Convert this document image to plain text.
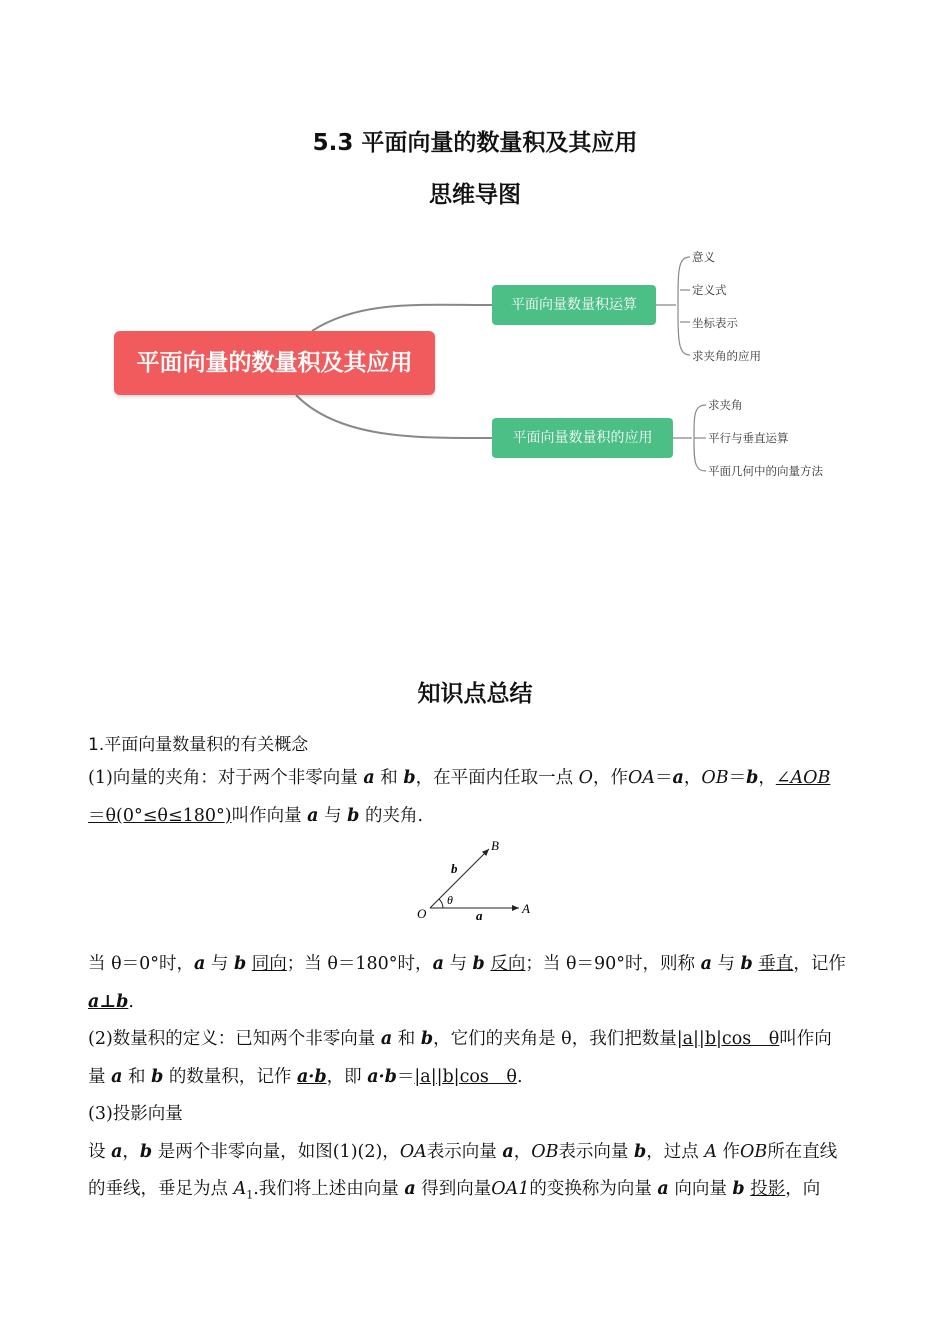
5.3 平面向量的数量积及其应用
思维导图
平面向量的数量积及其应用
平面向量数量积运算
平面向量数量积的应用
意义
定义式
坐标表示
求夹角的应用
求夹角
平行与垂直运算
平面几何中的向量方法
知识点总结
1.平面向量数量积的有关概念
(1)向量的夹角：对于两个非零向量 a 和 b，在平面内任取一点 O，作OA＝a，OB＝b，∠AOB
＝θ(0°≤θ≤180°)叫作向量 a 与 b 的夹角.
B
b
θ
O	a	A
当 θ＝0°时，a 与 b 同向；当 θ＝180°时，a 与 b 反向；当 θ＝90°时，则称 a 与 b 垂直，记作
a⊥b.
(2)数量积的定义：已知两个非零向量 a 和 b，它们的夹角是 θ，我们把数量|a||b|cos　θ叫作向
量 a 和 b 的数量积，记作 a·b，即 a·b＝|a||b|cos　θ.
(3)投影向量
设 a，b 是两个非零向量，如图(1)(2)，OA表示向量 a，OB表示向量 b，过点 A 作OB所在直线
的垂线，垂足为点 $A_1$.我们将上述由向量 a 得到向量OA1的变换称为向量 a 向向量 b 投影，向
